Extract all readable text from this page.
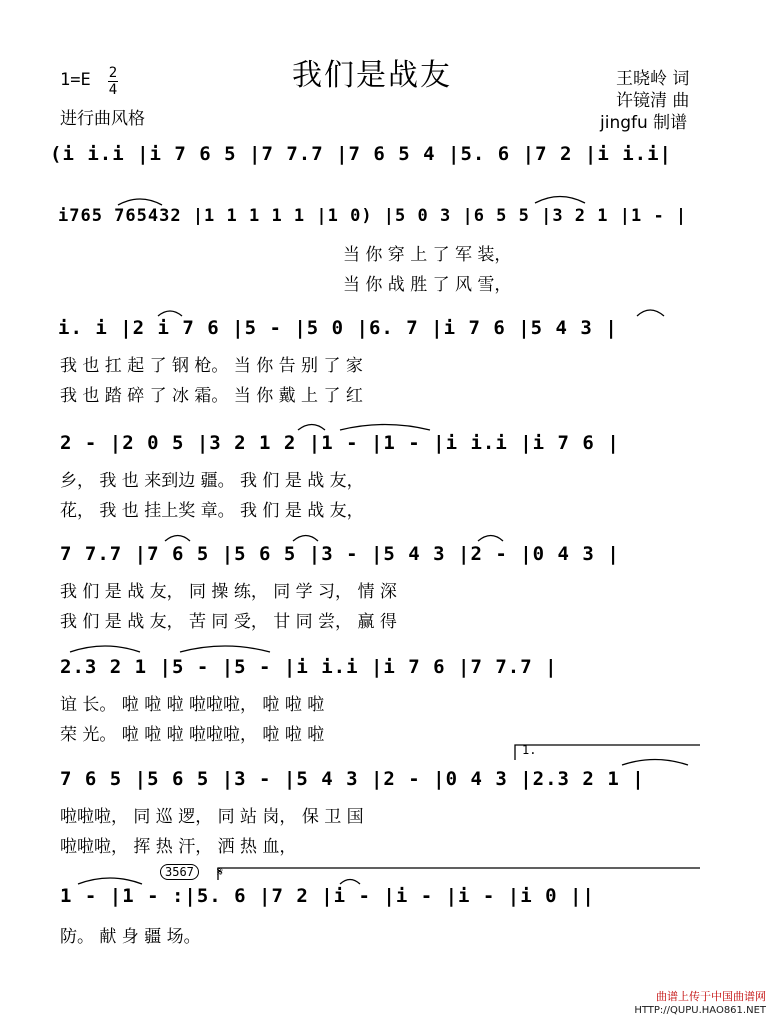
我们是战友
1=E 2
4
进行曲风格
王晓岭 词
许镜清 曲
jingfu 制谱
(i i.i |i 7 6 5 |7 7.7 |7 6 5 4 |5. 6 |7 2 |i i.i|
i765 765432 |1 1 1 1 1 |1 0) |5 0 3 |6 5 5 |3 2 1 |1 - |
当 你 穿 上 了 军 装，
当 你 战 胜 了 风 雪，
i. i |2 i 7 6 |5 - |5 0 |6. 7 |i 7 6 |5 4 3 |
我 也 扛 起 了 钢 枪。 当 你 告 别 了 家
我 也 踏 碎 了 冰 霜。 当 你 戴 上 了 红
2 - |2 0 5 |3 2 1 2 |1 - |1 - |i i.i |i 7 6 |
乡， 我 也 来到边 疆。 我 们 是 战 友，
花， 我 也 挂上奖 章。 我 们 是 战 友，
7 7.7 |7 6 5 |5 6 5 |3 - |5 4 3 |2 - |0 4 3 |
我 们 是 战 友， 同 操 练， 同 学 习， 情 深
我 们 是 战 友， 苦 同 受， 甘 同 尝， 赢 得
2.3 2 1 |5 - |5 - |i i.i |i 7 6 |7 7.7 |
谊 长。 啦 啦 啦 啦啦啦， 啦 啦 啦
荣 光。 啦 啦 啦 啦啦啦， 啦 啦 啦
1.
7 6 5 |5 6 5 |3 - |5 4 3 |2 - |0 4 3 |2.3 2 1 |
啦啦啦， 同 巡 逻， 同 站 岗， 保 卫 国
啦啦啦， 挥 热 汗， 洒 热 血，
3567	𝄋
1 - |1 - :|5. 6 |7 2 |i - |i - |i - |i 0 ||
防。 献 身 疆 场。
曲谱上传于中国曲谱网
HTTP://QUPU.HAO861.NET
